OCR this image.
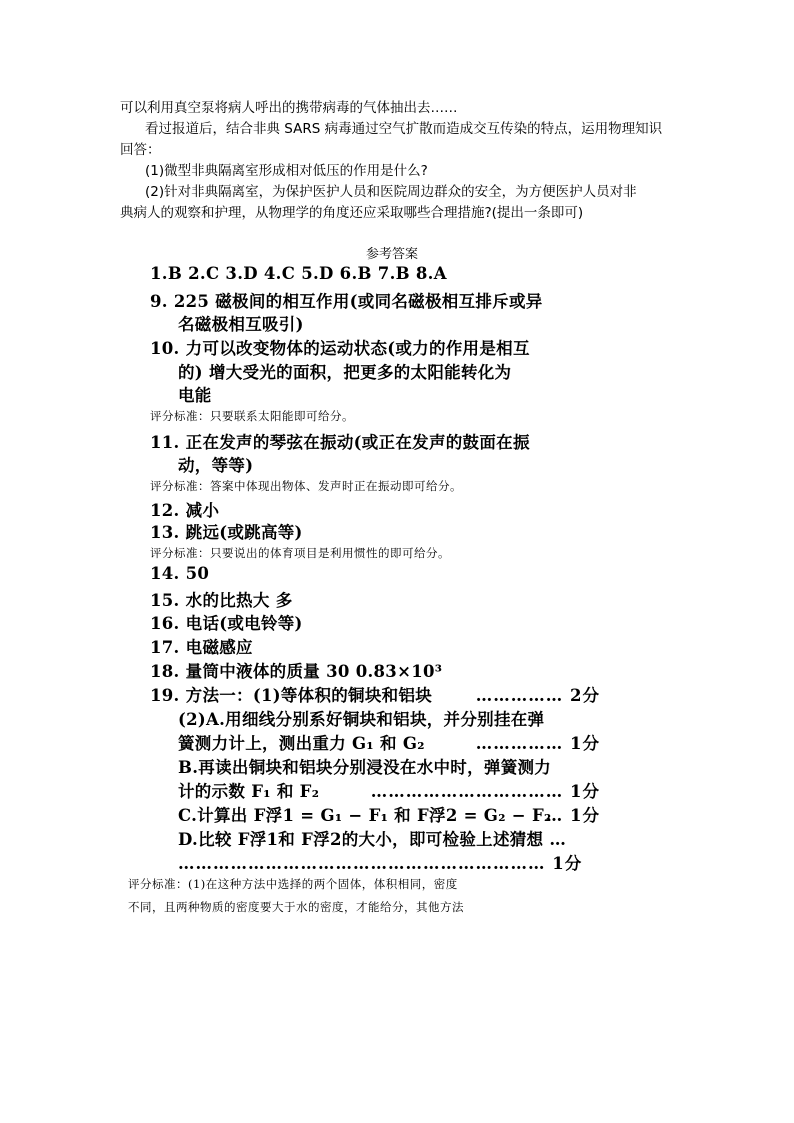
可以利用真空泵将病人呼出的携带病毒的气体抽出去……
看过报道后，结合非典 SARS 病毒通过空气扩散而造成交互传染的特点，运用物理知识
回答：
(1)微型非典隔离室形成相对低压的作用是什么?
(2)针对非典隔离室，为保护医护人员和医院周边群众的安全，为方便医护人员对非
典病人的观察和护理，从物理学的角度还应采取哪些合理措施?(提出一条即可)
参考答案
1.B 2.C 3.D 4.C 5.D 6.B 7.B 8.A
9. 225 磁极间的相互作用(或同名磁极相互排斥或异
名磁极相互吸引)
10. 力可以改变物体的运动状态(或力的作用是相互
的) 增大受光的面积，把更多的太阳能转化为
电能
评分标准：只要联系太阳能即可给分。
11. 正在发声的琴弦在振动(或正在发声的鼓面在振
动，等等)
评分标准：答案中体现出物体、发声时正在振动即可给分。
12. 减小
13. 跳远(或跳高等)
评分标准：只要说出的体育项目是利用惯性的即可给分。
14. 50
15. 水的比热大 多
16. 电话(或电铃等)
17. 电磁感应
18. 量筒中液体的质量 30 0.83×10³
19. 方法一：(1)等体积的铜块和铝块	…………… 2分
(2)A.用细线分别系好铜块和铝块，并分别挂在弹
簧测力计上，测出重力 G₁ 和 G₂	…………… 1分
B.再读出铜块和铝块分别浸没在水中时，弹簧测力
计的示数 F₁ 和 F₂	…………………………… 1分
C.计算出 F浮1 = G₁ − F₁ 和 F浮2 = G₂ − F₂
… 1分
D.比较 F浮1和 F浮2的大小，即可检验上述猜想 …
……………………………………………………… 1分
评分标准：(1)在这种方法中选择的两个固体，体积相同，密度
不同，且两种物质的密度要大于水的密度，才能给分，其他方法
